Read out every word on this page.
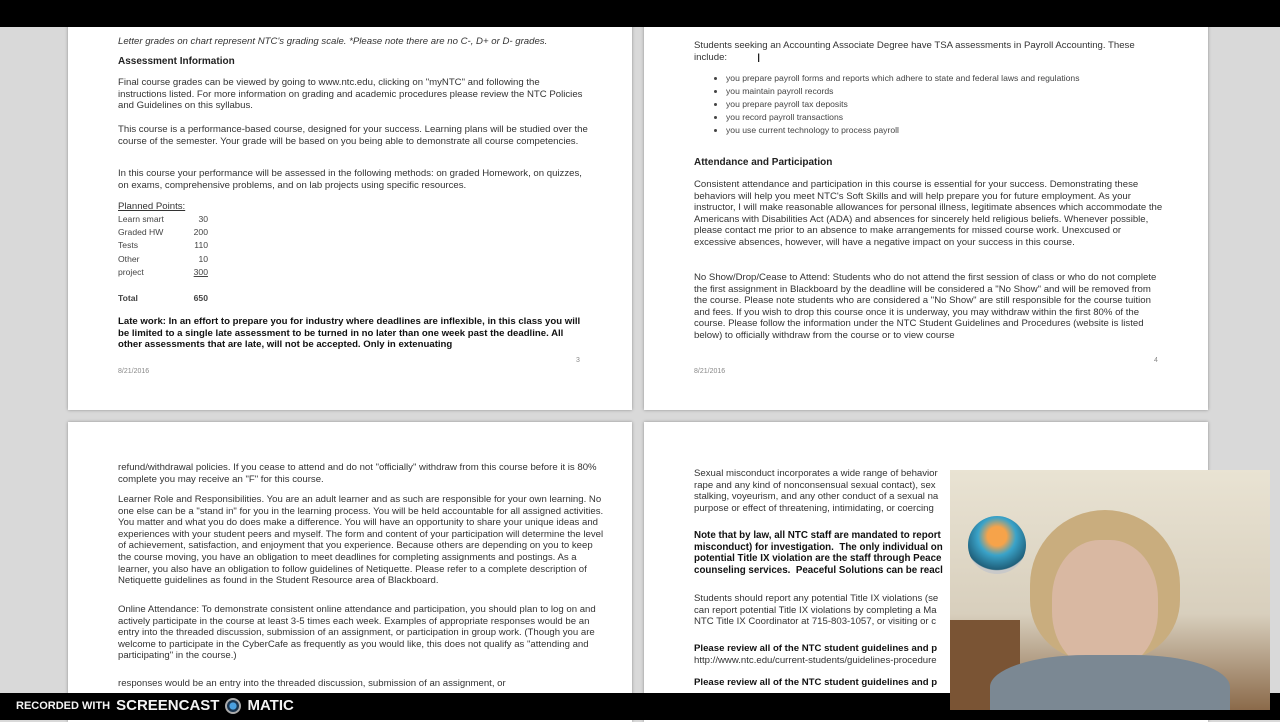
Letter grades on chart represent NTC's grading scale. *Please note there are no C-, D+ or D- grades.
Assessment Information
Final course grades can be viewed by going to www.ntc.edu, clicking on "myNTC" and following the instructions listed. For more information on grading and academic procedures please review the NTC Policies and Guidelines on this syllabus.
This course is a performance-based course, designed for your success. Learning plans will be studied over the course of the semester. Your grade will be based on you being able to demonstrate all course competencies.
In this course your performance will be assessed in the following methods: on graded Homework, on quizzes, on exams, comprehensive problems, and on lab projects using specific resources.
Planned Points:
Learn smart	30
Graded HW	200
Tests	110
Other	10
project	300
Total	650
Late work: In an effort to prepare you for industry where deadlines are inflexible, in this class you will be limited to a single late assessment to be turned in no later than one week past the deadline. All other assessments that are late, will not be accepted. Only in extenuating
3
8/21/2016
Students seeking an Accounting Associate Degree have TSA assessments in Payroll Accounting. These include:
• you prepare payroll forms and reports which adhere to state and federal laws and regulations
• you maintain payroll records
• you prepare payroll tax deposits
• you record payroll transactions
• you use current technology to process payroll
Attendance and Participation
Consistent attendance and participation in this course is essential for your success. Demonstrating these behaviors will help you meet NTC's Soft Skills and will help prepare you for future employment. As your instructor, I will make reasonable allowances for personal illness, legitimate absences which accommodate the Americans with Disabilities Act (ADA) and absences for sincerely held religious beliefs. Whenever possible, please contact me prior to an absence to make arrangements for missed course work. Unexcused or excessive absences, however, will have a negative impact on your success in this course.
No Show/Drop/Cease to Attend: Students who do not attend the first session of class or who do not complete the first assignment in Blackboard by the deadline will be considered a "No Show" and will be removed from the course. Please note students who are considered a "No Show" are still responsible for the course tuition and fees. If you wish to drop this course once it is underway, you may withdraw within the first 80% of the course. Please follow the information under the NTC Student Guidelines and Procedures (website is listed below) to officially withdraw from the course or to view course
4
8/21/2016
I
refund/withdrawal policies. If you cease to attend and do not "officially" withdraw from this course before it is 80% complete you may receive an "F" for this course.
Learner Role and Responsibilities. You are an adult learner and as such are responsible for your own learning. No one else can be a "stand in" for you in the learning process. You will be held accountable for all assigned activities. You matter and what you do does make a difference. You will have an opportunity to share your unique ideas and experiences with your student peers and myself. The form and content of your participation will determine the level of achievement, satisfaction, and enjoyment that you experience. Because others are depending on you to keep the course moving, you have an obligation to meet deadlines for completing assignments and postings. As a learner, you also have an obligation to follow guidelines of Netiquette. Please refer to a complete description of Netiquette guidelines as found in the Student Resource area of Blackboard.
Online Attendance: To demonstrate consistent online attendance and participation, you should plan to log on and actively participate in the course at least 3-5 times each week. Examples of appropriate responses would be an entry into the threaded discussion, submission of an assignment, or participation in group work. (Though you are welcome to participate in the CyberCafe as frequently as you would like, this does not qualify as "attending and participating" in the course.)
responses would be an entry into the threaded discussion, submission of an assignment, or
Sexual misconduct incorporates a wide range of behavior
rape and any kind of nonconsensual sexual contact), sex
stalking, voyeurism, and any other conduct of a sexual na
purpose or effect of threatening, intimidating, or coercing
Note that by law, all NTC staff are mandated to report
misconduct) for investigation.  The only individual on
potential Title IX violation are the staff through Peace
counseling services.  Peaceful Solutions can be reacl
Students should report any potential Title IX violations (se
can report potential Title IX violations by completing a Ma
NTC Title IX Coordinator at 715-803-1057, or visiting or c
Please review all of the NTC student guidelines and p
http://www.ntc.edu/current-students/guidelines-procedure
Please review all of the NTC student guidelines and p
RECORDED WITH SCREENCAST MATIC
